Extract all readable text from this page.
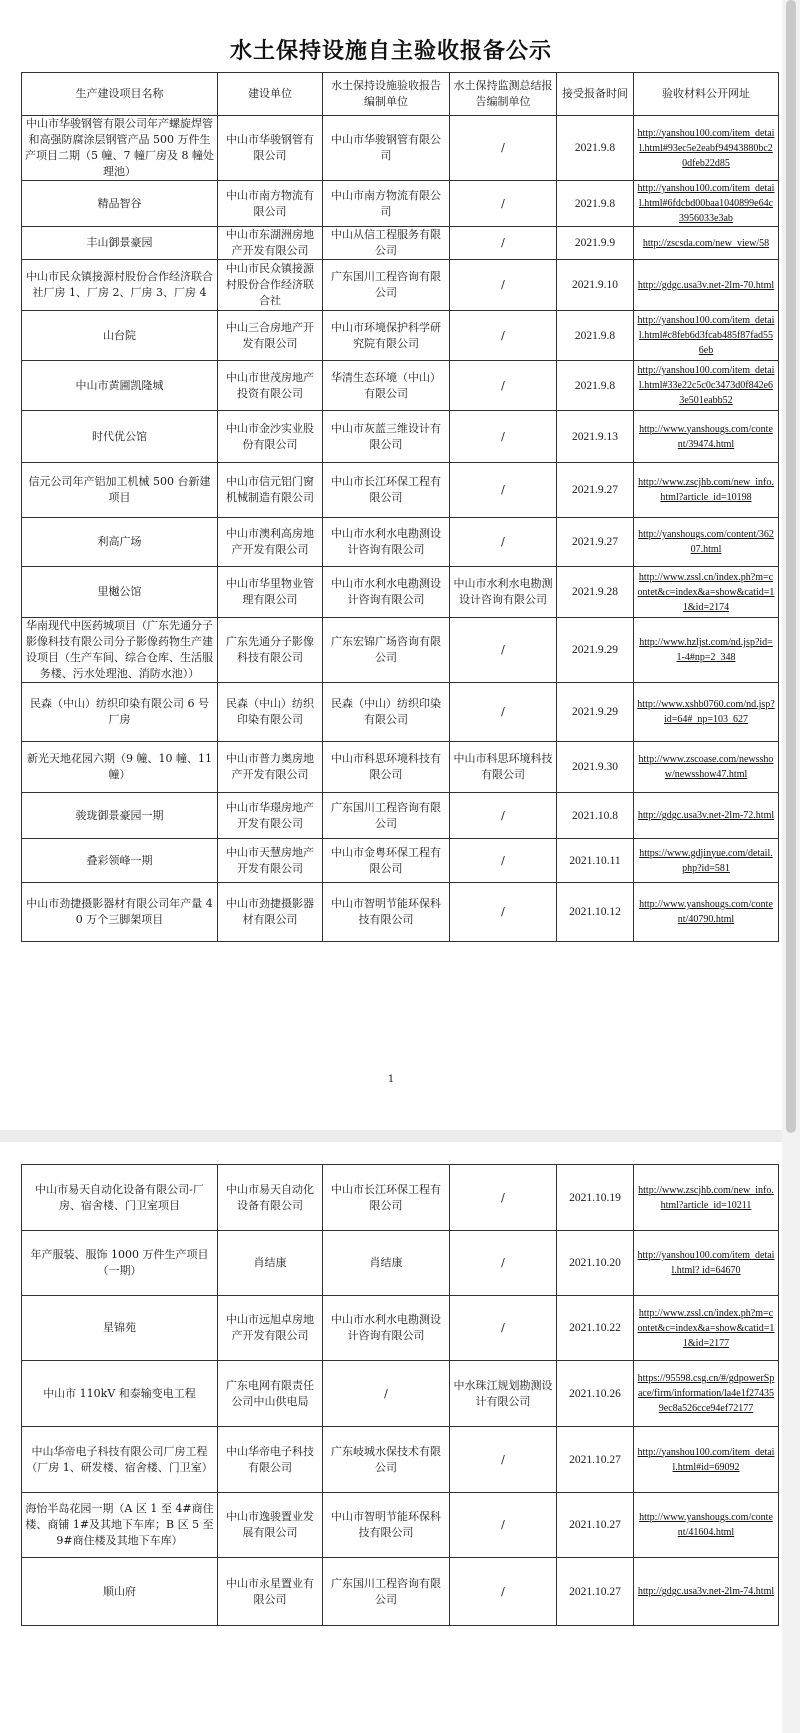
水土保持设施自主验收报备公示
生产建设项目名称	建设单位	水土保持设施验收报告编制单位	水土保持监测总结报告编制单位	接受报备时间	验收材料公开网址
中山市华骏钢管有限公司年产螺旋焊管和高强防腐涂层钢管产品 500 万件生产项目二期（5 幢、7 幢厂房及 8 幢处理池）	中山市华骏钢管有限公司	中山市华骏钢管有限公司	/	2021.9.8	http://yanshou100.com/item_detail.html#93ec5e2eabf94943880bc20dfeb22d85
精品智谷	中山市南方物流有限公司	中山市南方物流有限公司	/	2021.9.8	http://yanshou100.com/item_detail.html#6fdcbd00baa1040899e64c3956033e3ab
丰山御景豪园	中山市东湖洲房地产开发有限公司	中山从信工程服务有限公司	/	2021.9.9	http://zscsda.com/new_view/58
中山市民众镇接源村股份合作经济联合社厂房 1、厂房 2、厂房 3、厂房 4	中山市民众镇接源村股份合作经济联合社	广东国川工程咨询有限公司	/	2021.9.10	http://gdgc.usa3v.net-2lm-70.html
山台院	中山三合房地产开发有限公司	中山市环境保护科学研究院有限公司	/	2021.9.8	http://yanshou100.com/item_detail.html#c8feb6d3fcab485f87fad556eb
中山市黄圃凯隆城	中山市世茂房地产投资有限公司	华清生态环境（中山）有限公司	/	2021.9.8	http://yanshou100.com/item_detail.html#33e22c5c0c3473d0f842e63e501eabb52
时代优公馆	中山市金沙实业股份有限公司	中山市灰蓝三维设计有限公司	/	2021.9.13	http://www.yanshougs.com/content/39474.html
信元公司年产铝加工机械 500 台新建项目	中山市信元铝门窗机械制造有限公司	中山市长江环保工程有限公司	/	2021.9.27	http://www.zscjhb.com/new_info.html?article_id=10198
利高广场	中山市澳利高房地产开发有限公司	中山市水利水电勘测设计咨询有限公司	/	2021.9.27	http://yanshougs.com/content/36207.html
里樾公馆	中山市华里物业管理有限公司	中山市水利水电勘测设计咨询有限公司	中山市水利水电勘测设计咨询有限公司	2021.9.28	http://www.zssl.cn/index.ph?m=contet&c=index&a=show&catid=11&id=2174
华南现代中医药城项目（广东先通分子影像科技有限公司分子影像药物生产建设项目（生产车间、综合仓库、生活服务楼、污水处理池、消防水池））	广东先通分子影像科技有限公司	广东宏锦广场咨询有限公司	/	2021.9.29	http://www.hzljst.com/nd.jsp?id=1-4#np=2_348
民森（中山）纺织印染有限公司 6 号厂房	民森（中山）纺织印染有限公司	民森（中山）纺织印染有限公司	/	2021.9.29	http://www.xshb0760.com/nd.jsp?id=64#_np=103_627
新光天地花园六期（9 幢、10 幢、11 幢）	中山市普力奥房地产开发有限公司	中山市科思环境科技有限公司	中山市科思环境科技有限公司	2021.9.30	http://www.zscoase.com/newsshow/newsshow47.html
骏珑御景豪园一期	中山市华璟房地产开发有限公司	广东国川工程咨询有限公司	/	2021.10.8	http://gdgc.usa3v.net-2lm-72.html
叠彩领峰一期	中山市天慧房地产开发有限公司	中山市金粤环保工程有限公司	/	2021.10.11	https://www.gdjinyue.com/detail.php?id=581
中山市劲捷摄影器材有限公司年产量 40 万个三脚架项目	中山市劲捷摄影器材有限公司	中山市智明节能环保科技有限公司	/	2021.10.12	http://www.yanshougs.com/content/40790.html
1
中山市易天自动化设备有限公司-厂房、宿舍楼、门卫室项目	中山市易天自动化设备有限公司	中山市长江环保工程有限公司	/	2021.10.19	http://www.zscjhb.com/new_info.html?article_id=10211
年产服装、服饰 1000 万件生产项目（一期）	肖结康	肖结康	/	2021.10.20	http://yanshou100.com/item_detail.html? id=64670
星锦苑	中山市远旭卓房地产开发有限公司	中山市水利水电勘测设计咨询有限公司	/	2021.10.22	http://www.zssl.cn/index.ph?m=contet&c=index&a=show&catid=11&id=2177
中山市 110kV 和泰输变电工程	广东电网有限责任公司中山供电局	/	中水珠江规划勘测设计有限公司	2021.10.26	https://95598.csg.cn/#/gdpowerSpace/firm/information/la4e1f274359ec8a526cce94ef72177
中山华帝电子科技有限公司厂房工程（厂房 1、研发楼、宿舍楼、门卫室）	中山华帝电子科技有限公司	广东岐城水保技术有限公司	/	2021.10.27	http://yanshou100.com/item_detail.html#id=69092
海怡半岛花园一期（A 区 1 至 4#商住楼、商铺 1#及其地下车库；B 区 5 至 9#商住楼及其地下车库）	中山市逸骏置业发展有限公司	中山市智明节能环保科技有限公司	/	2021.10.27	http://www.yanshougs.com/content/41604.html
顺山府	中山市永星置业有限公司	广东国川工程咨询有限公司	/	2021.10.27	http://gdgc.usa3v.net-2lm-74.html
